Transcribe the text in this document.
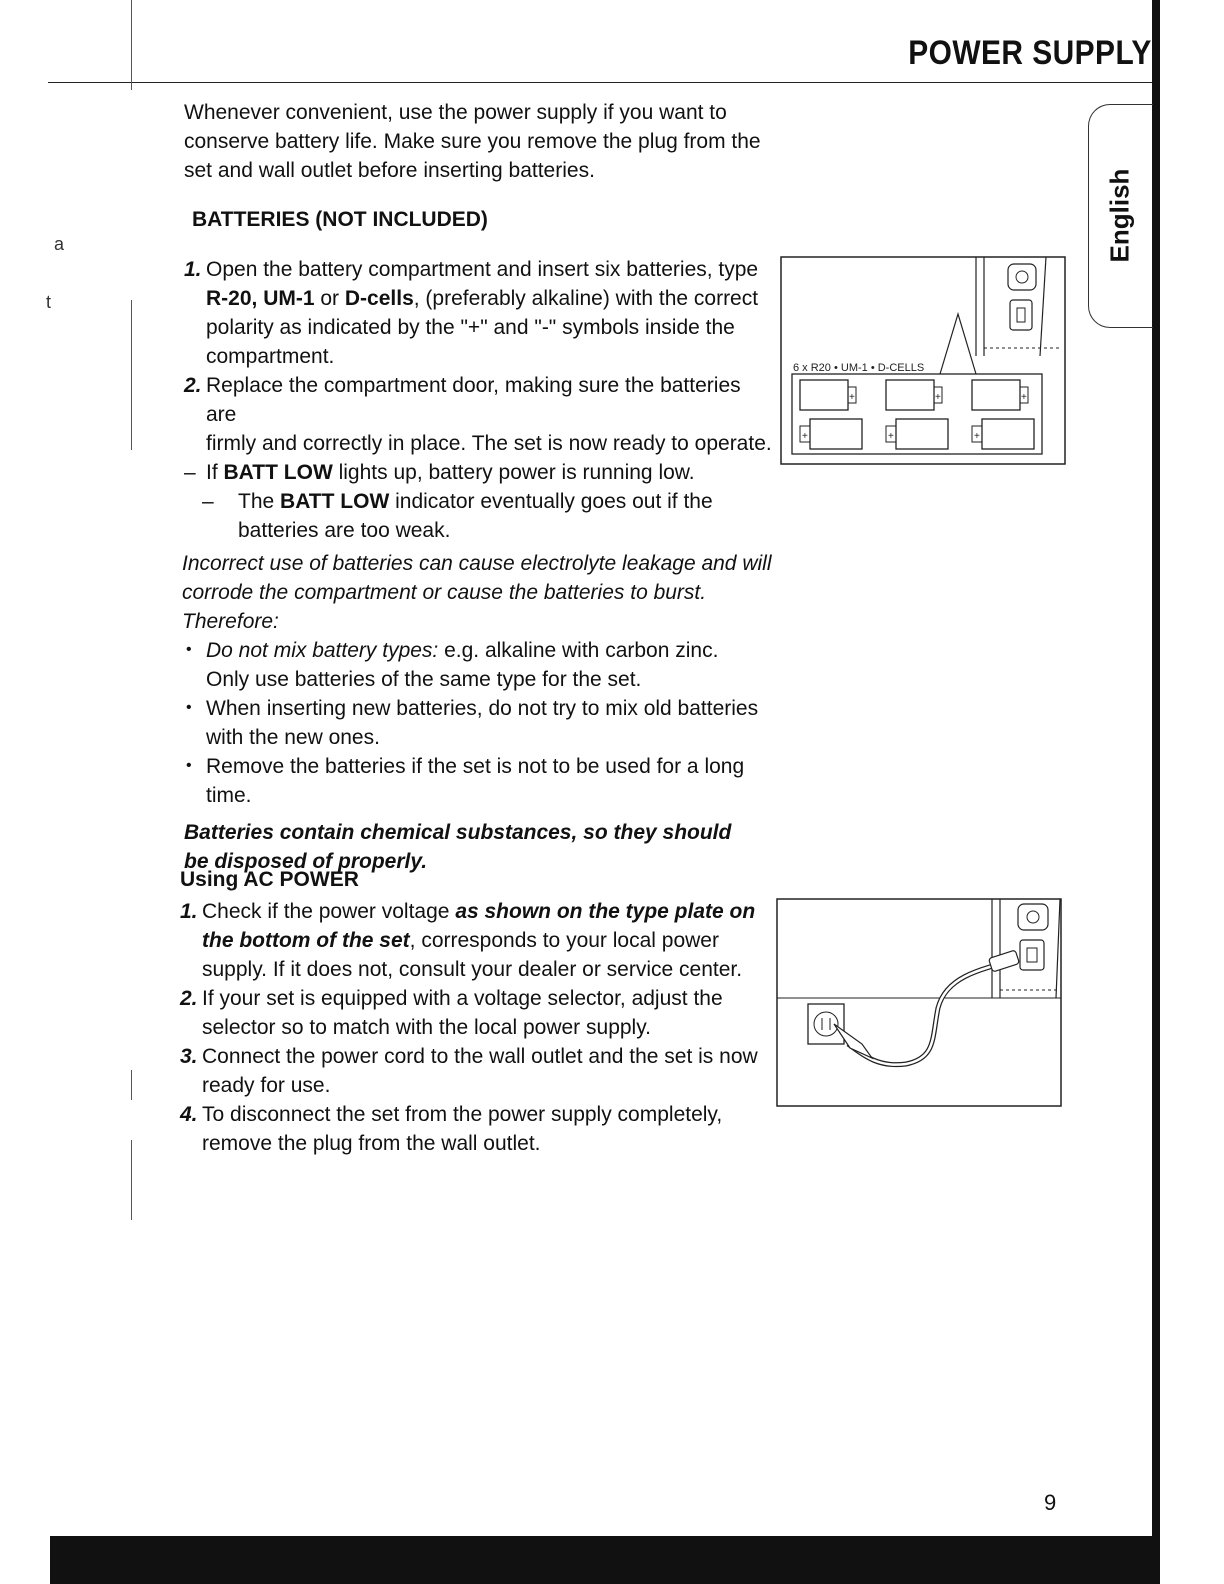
a
t
POWER SUPPLY
English

Whenever convenient, use the power supply if you want to

conserve battery life. Make sure you remove the plug from the

set and wall outlet before inserting batteries.

BATTERIES (NOT INCLUDED)
1. Open the battery compartment and insert six batteries, type

R-20, UM-1 or D-cells, (preferably alkaline) with the correct

polarity as indicated by the "+" and "-" symbols inside the

compartment.

2. Replace the compartment door, making sure the batteries are

firmly and correctly in place. The set is now ready to operate.

– If BATT LOW lights up, battery power is running low.

–	The BATT LOW indicator eventually goes out if the

batteries are too weak.

Incorrect use of batteries can cause electrolyte leakage and will

corrode the compartment or cause the batteries to burst.

Therefore:

• Do not mix battery types: e.g. alkaline with carbon zinc.

Only use batteries of the same type for the set.

• When inserting new batteries, do not try to mix old batteries

with the new ones.

• Remove the batteries if the set is not to be used for a long

time.

Batteries contain chemical substances, so they should

be disposed of properly.

Using AC POWER
1. Check if the power voltage as shown on the type plate on

the bottom of the set, corresponds to your local power

supply. If it does not, consult your dealer or service center.

2. If your set is equipped with a voltage selector, adjust the

selector so to match with the local power supply.

3. Connect the power cord to the wall outlet and the set is now

ready for use.

4. To disconnect the set from the power supply completely,

remove the plug from the wall outlet.

6 x R20 • UM-1 • D-CELLS
+	+	+
+	+	+
9
